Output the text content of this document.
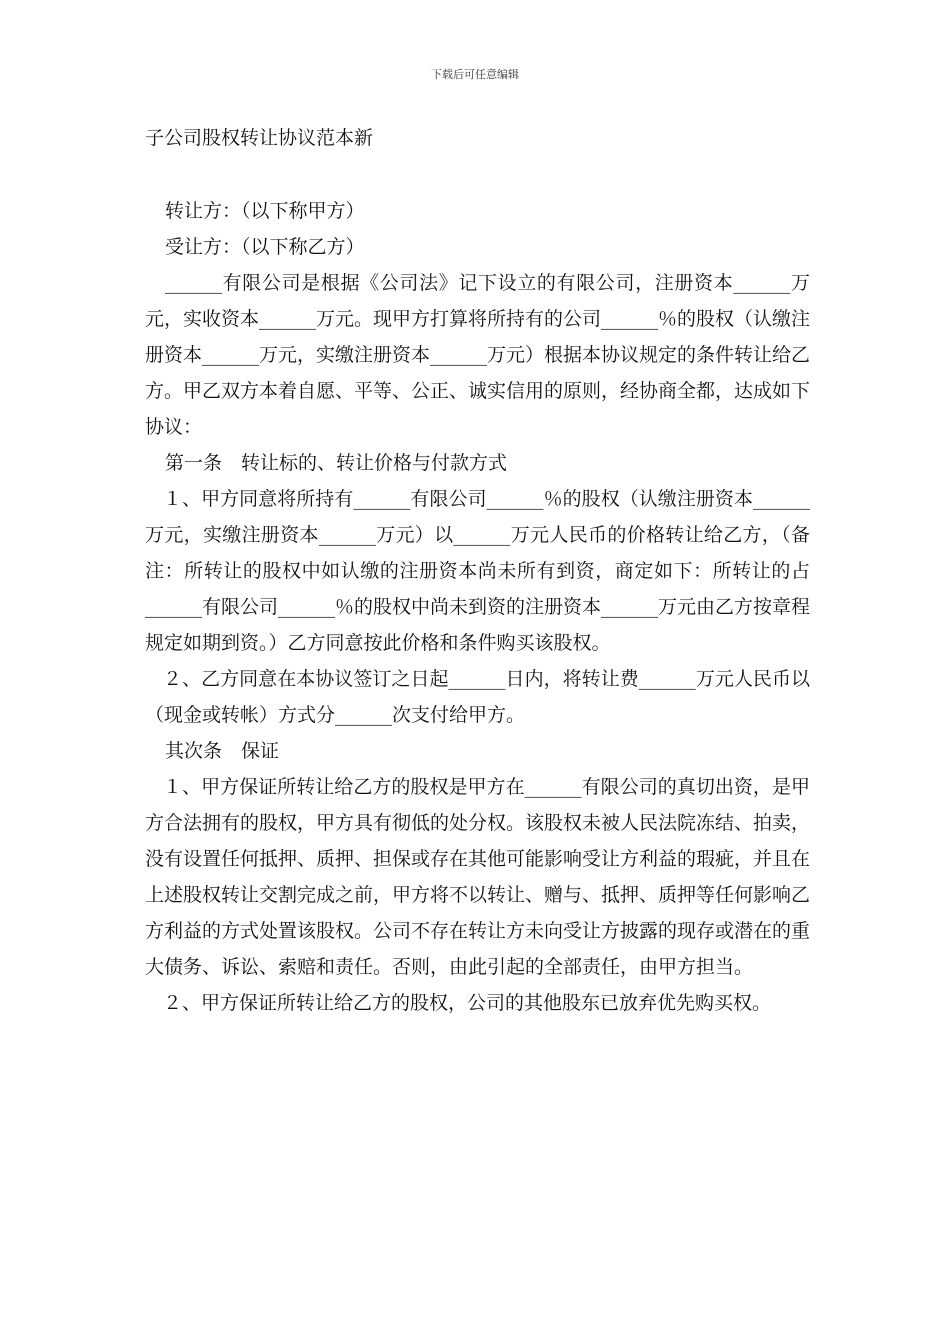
下载后可任意编辑
子公司股权转让协议范本新

转让方：（以下称甲方）

受让方：（以下称乙方）

______有限公司是根据《公司法》记下设立的有限公司，注册资本______万元，实收资本______万元。现甲方打算将所持有的公司______％的股权（认缴注册资本______万元，实缴注册资本______万元）根据本协议规定的条件转让给乙方。甲乙双方本着自愿、平等、公正、诚实信用的原则，经协商全都，达成如下协议：

第一条　转让标的、转让价格与付款方式

１、甲方同意将所持有______有限公司______％的股权（认缴注册资本______万元，实缴注册资本______万元）以______万元人民币的价格转让给乙方，（备注：所转让的股权中如认缴的注册资本尚未所有到资，商定如下：所转让的占______有限公司______％的股权中尚未到资的注册资本______万元由乙方按章程规定如期到资。）乙方同意按此价格和条件购买该股权。

２、乙方同意在本协议签订之日起______日内，将转让费______万元人民币以（现金或转帐）方式分______次支付给甲方。

其次条　保证

１、甲方保证所转让给乙方的股权是甲方在______有限公司的真切出资，是甲方合法拥有的股权，甲方具有彻低的处分权。该股权未被人民法院冻结、拍卖，没有设置任何抵押、质押、担保或存在其他可能影响受让方利益的瑕疵，并且在上述股权转让交割完成之前，甲方将不以转让、赠与、抵押、质押等任何影响乙方利益的方式处置该股权。公司不存在转让方未向受让方披露的现存或潜在的重大债务、诉讼、索赔和责任。否则，由此引起的全部责任，由甲方担当。

２、甲方保证所转让给乙方的股权，公司的其他股东已放弃优先购买权。
